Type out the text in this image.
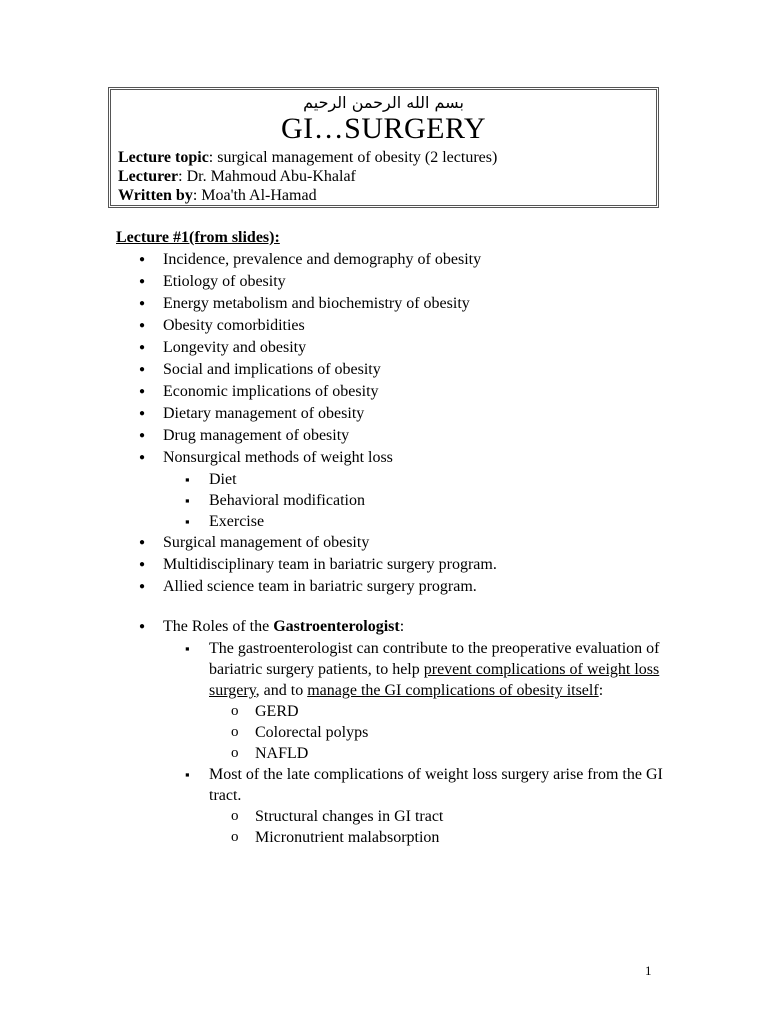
بسم الله الرحمن الرحيم
GI…SURGERY
Lecture topic: surgical management of obesity (2 lectures)
Lecturer: Dr. Mahmoud Abu-Khalaf
Written by: Moa'th Al-Hamad
Lecture #1(from slides):
● Incidence, prevalence and demography of obesity
● Etiology of obesity
● Energy metabolism and biochemistry of obesity
● Obesity comorbidities
● Longevity and obesity
● Social and implications of obesity
● Economic implications of obesity
● Dietary management of obesity
● Drug management of obesity
● Nonsurgical methods of weight loss
▪ Diet
▪ Behavioral modification
▪ Exercise
● Surgical management of obesity
● Multidisciplinary team in bariatric surgery program.
● Allied science team in bariatric surgery program.
● The Roles of the Gastroenterologist:
▪ The gastroenterologist can contribute to the preoperative evaluation of bariatric surgery patients, to help prevent complications of weight loss surgery, and to manage the GI complications of obesity itself:
o GERD
o Colorectal polyps
o NAFLD
▪ Most of the late complications of weight loss surgery arise from the GI tract.
o Structural changes in GI tract
o Micronutrient malabsorption
1
